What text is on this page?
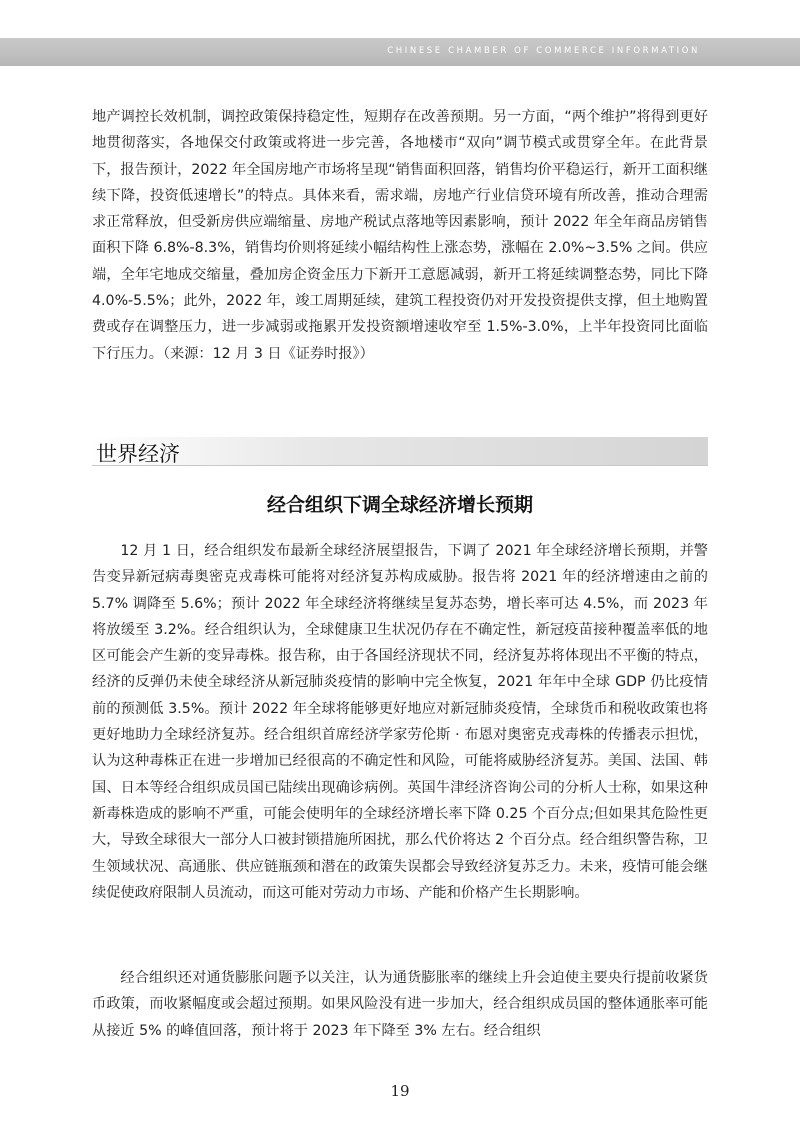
CHINESE CHAMBER OF COMMERCE INFORMATION

地产调控长效机制，调控政策保持稳定性，短期存在改善预期。另一方面，“两个维护”将得到更好地贯彻落实，各地保交付政策或将进一步完善，各地楼市“双向”调节模式或贯穿全年。在此背景下，报告预计，2022 年全国房地产市场将呈现“销售面积回落，销售均价平稳运行，新开工面积继续下降，投资低速增长”的特点。具体来看，需求端，房地产行业信贷环境有所改善，推动合理需求正常释放，但受新房供应端缩量、房地产税试点落地等因素影响，预计 2022 年全年商品房销售面积下降 6.8%-8.3%，销售均价则将延续小幅结构性上涨态势，涨幅在 2.0%~3.5% 之间。供应端，全年宅地成交缩量，叠加房企资金压力下新开工意愿减弱，新开工将延续调整态势，同比下降 4.0%-5.5%；此外，2022 年，竣工周期延续，建筑工程投资仍对开发投资提供支撑，但土地购置费或存在调整压力，进一步减弱或拖累开发投资额增速收窄至 1.5%-3.0%，上半年投资同比面临下行压力。（来源：12 月 3 日《证券时报》）

世界经济
经合组织下调全球经济增长预期

12 月 1 日，经合组织发布最新全球经济展望报告，下调了 2021 年全球经济增长预期，并警告变异新冠病毒奥密克戎毒株可能将对经济复苏构成威胁。报告将 2021 年的经济增速由之前的 5.7% 调降至 5.6%；预计 2022 年全球经济将继续呈复苏态势，增长率可达 4.5%，而 2023 年将放缓至 3.2%。经合组织认为，全球健康卫生状况仍存在不确定性，新冠疫苗接种覆盖率低的地区可能会产生新的变异毒株。报告称，由于各国经济现状不同，经济复苏将体现出不平衡的特点，经济的反弹仍未使全球经济从新冠肺炎疫情的影响中完全恢复，2021 年年中全球 GDP 仍比疫情前的预测低 3.5%。预计 2022 年全球将能够更好地应对新冠肺炎疫情，全球货币和税收政策也将更好地助力全球经济复苏。经合组织首席经济学家劳伦斯 · 布恩对奥密克戎毒株的传播表示担忧，认为这种毒株正在进一步增加已经很高的不确定性和风险，可能将威胁经济复苏。美国、法国、韩国、日本等经合组织成员国已陆续出现确诊病例。英国牛津经济咨询公司的分析人士称，如果这种新毒株造成的影响不严重，可能会使明年的全球经济增长率下降 0.25 个百分点;但如果其危险性更大，导致全球很大一部分人口被封锁措施所困扰，那么代价将达 2 个百分点。经合组织警告称，卫生领域状况、高通胀、供应链瓶颈和潜在的政策失误都会导致经济复苏乏力。未来，疫情可能会继续促使政府限制人员流动，而这可能对劳动力市场、产能和价格产生长期影响。

经合组织还对通货膨胀问题予以关注，认为通货膨胀率的继续上升会迫使主要央行提前收紧货币政策，而收紧幅度或会超过预期。如果风险没有进一步加大，经合组织成员国的整体通胀率可能从接近 5% 的峰值回落，预计将于 2023 年下降至 3% 左右。经合组织

19
